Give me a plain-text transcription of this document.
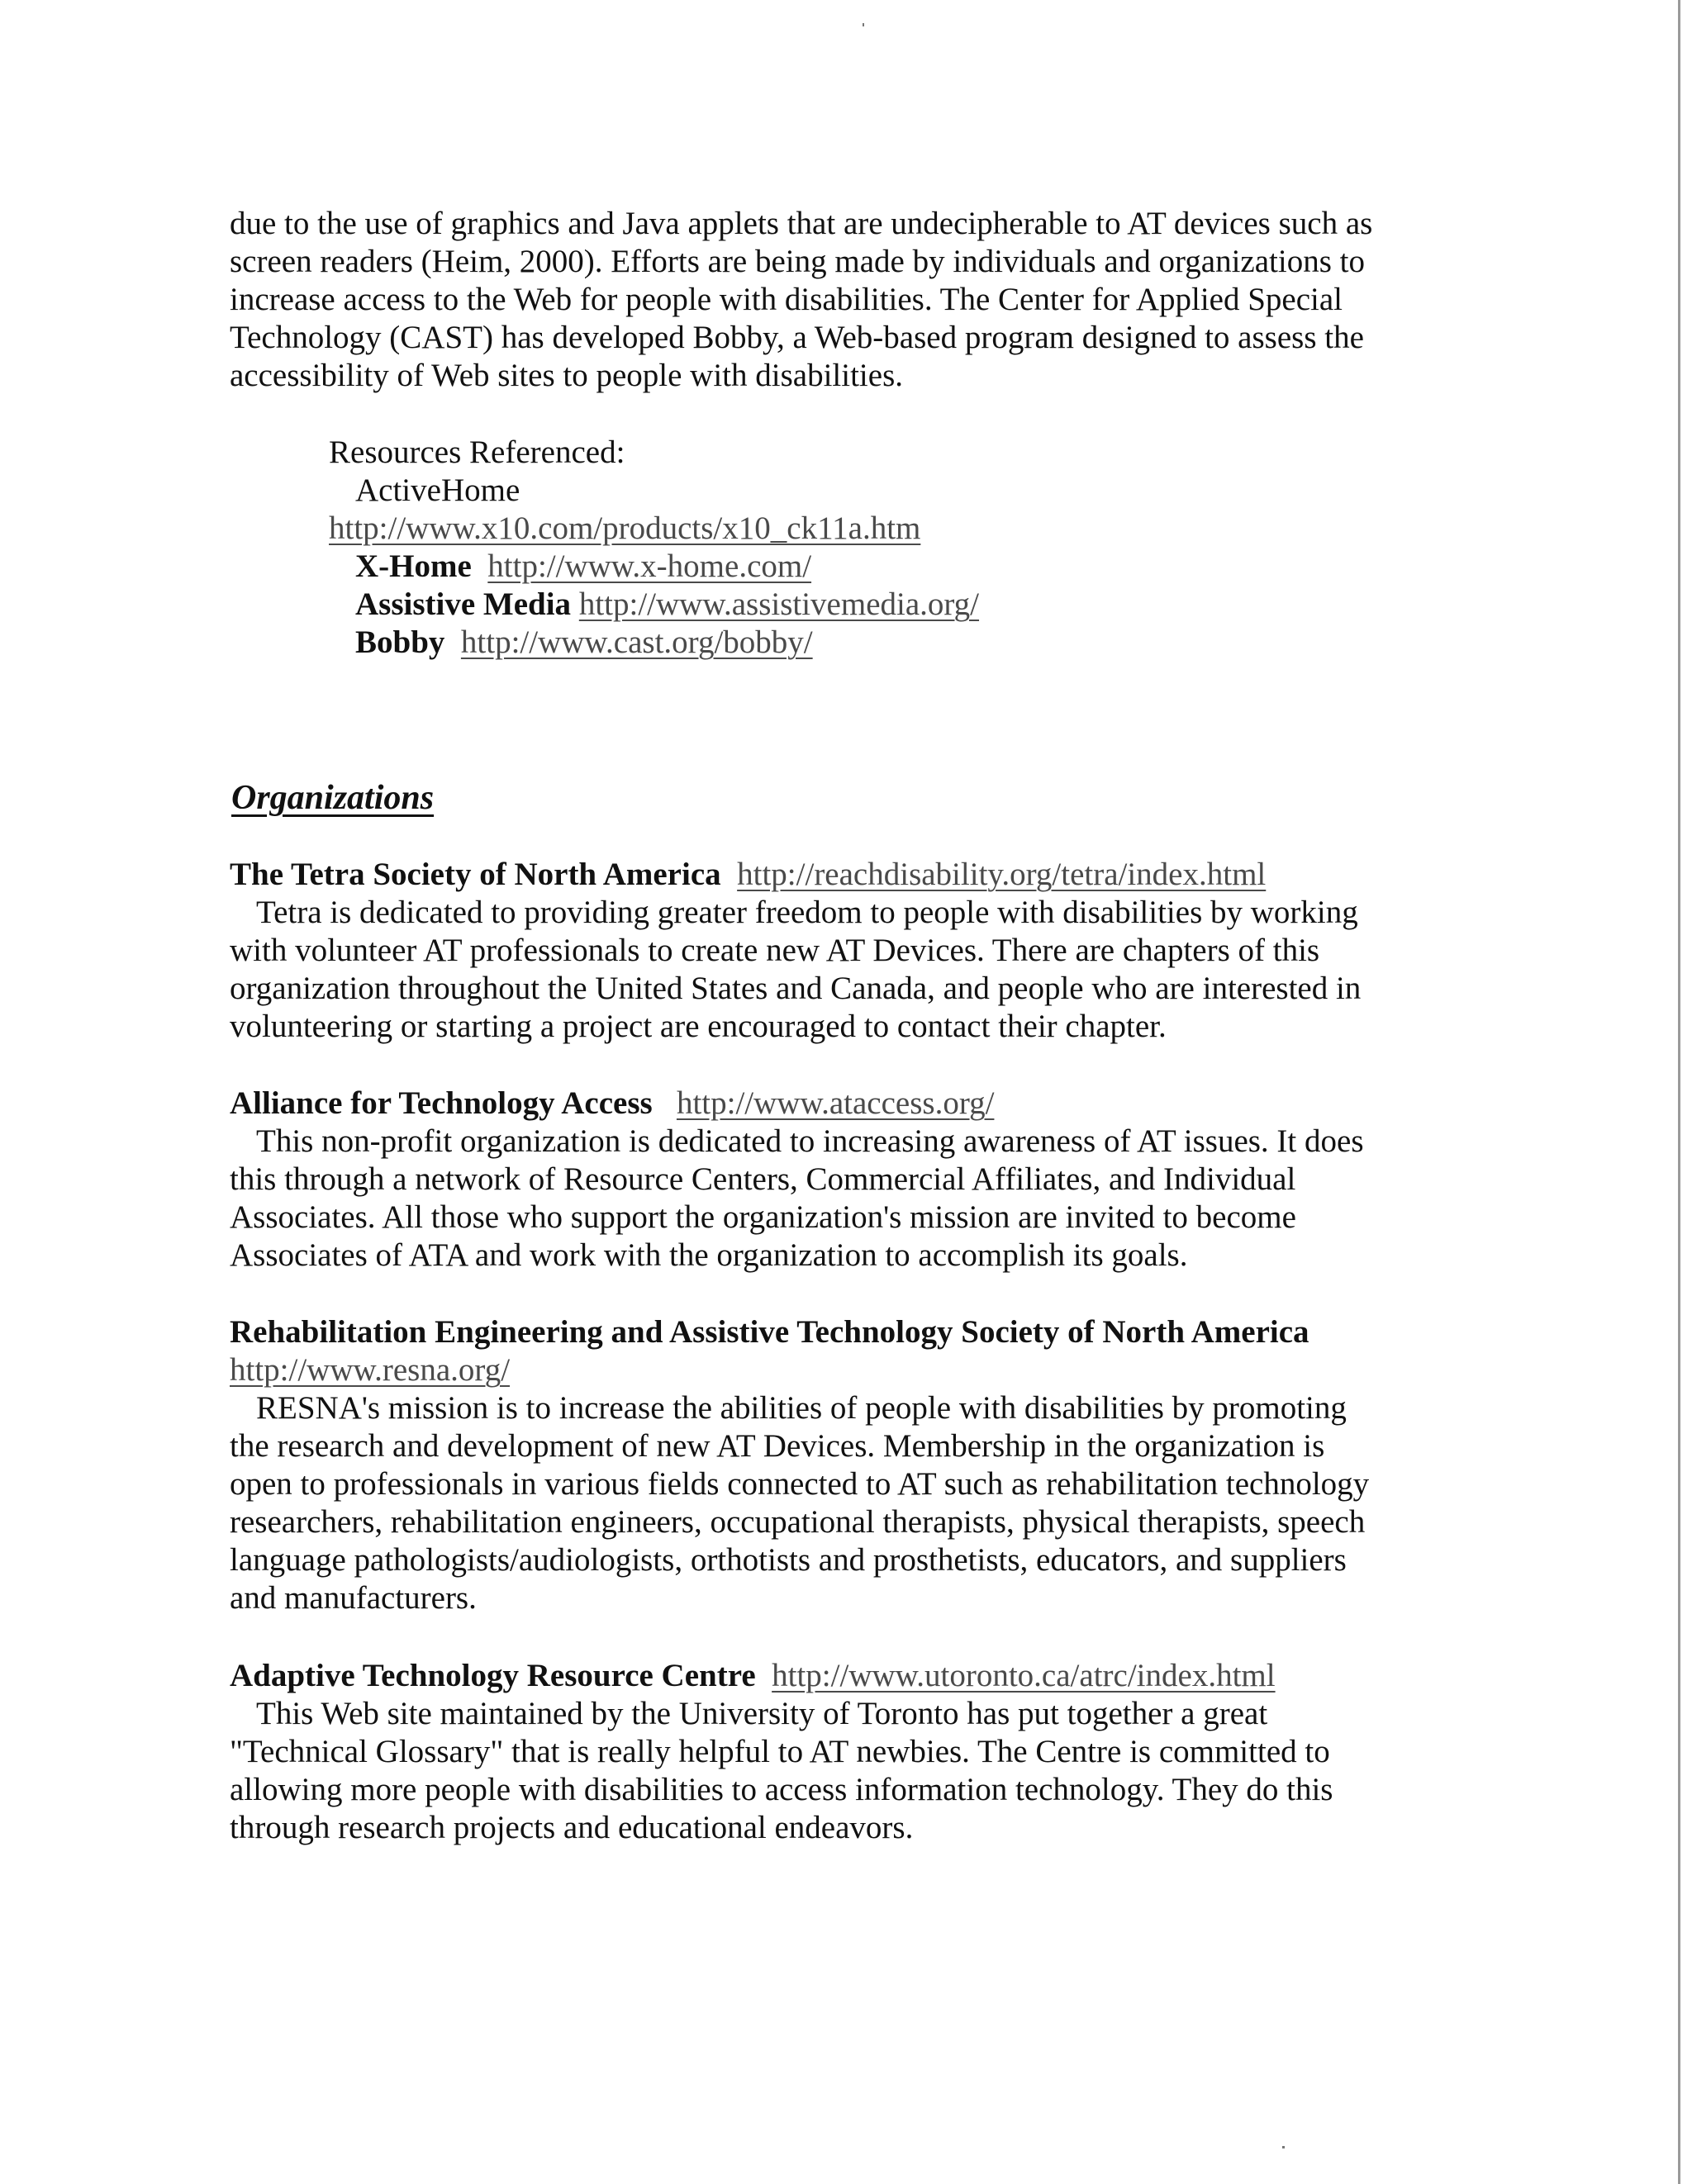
due to the use of graphics and Java applets that are undecipherable to AT devices such as
screen readers (Heim, 2000). Efforts are being made by individuals and organizations to
increase access to the Web for people with disabilities. The Center for Applied Special
Technology (CAST) has developed Bobby, a Web-based program designed to assess the
accessibility of Web sites to people with disabilities.
Resources Referenced:
ActiveHome
http://www.x10.com/products/x10_ck11a.htm
X-Home http://www.x-home.com/
Assistive Media http://www.assistivemedia.org/
Bobby http://www.cast.org/bobby/
Organizations
The Tetra Society of North America http://reachdisability.org/tetra/index.html
Tetra is dedicated to providing greater freedom to people with disabilities by working
with volunteer AT professionals to create new AT Devices. There are chapters of this
organization throughout the United States and Canada, and people who are interested in
volunteering or starting a project are encouraged to contact their chapter.
Alliance for Technology Access http://www.ataccess.org/
This non-profit organization is dedicated to increasing awareness of AT issues. It does
this through a network of Resource Centers, Commercial Affiliates, and Individual
Associates. All those who support the organization's mission are invited to become
Associates of ATA and work with the organization to accomplish its goals.
Rehabilitation Engineering and Assistive Technology Society of North America
http://www.resna.org/
RESNA's mission is to increase the abilities of people with disabilities by promoting
the research and development of new AT Devices. Membership in the organization is
open to professionals in various fields connected to AT such as rehabilitation technology
researchers, rehabilitation engineers, occupational therapists, physical therapists, speech
language pathologists/audiologists, orthotists and prosthetists, educators, and suppliers
and manufacturers.
Adaptive Technology Resource Centre http://www.utoronto.ca/atrc/index.html
This Web site maintained by the University of Toronto has put together a great
"Technical Glossary" that is really helpful to AT newbies. The Centre is committed to
allowing more people with disabilities to access information technology. They do this
through research projects and educational endeavors.
